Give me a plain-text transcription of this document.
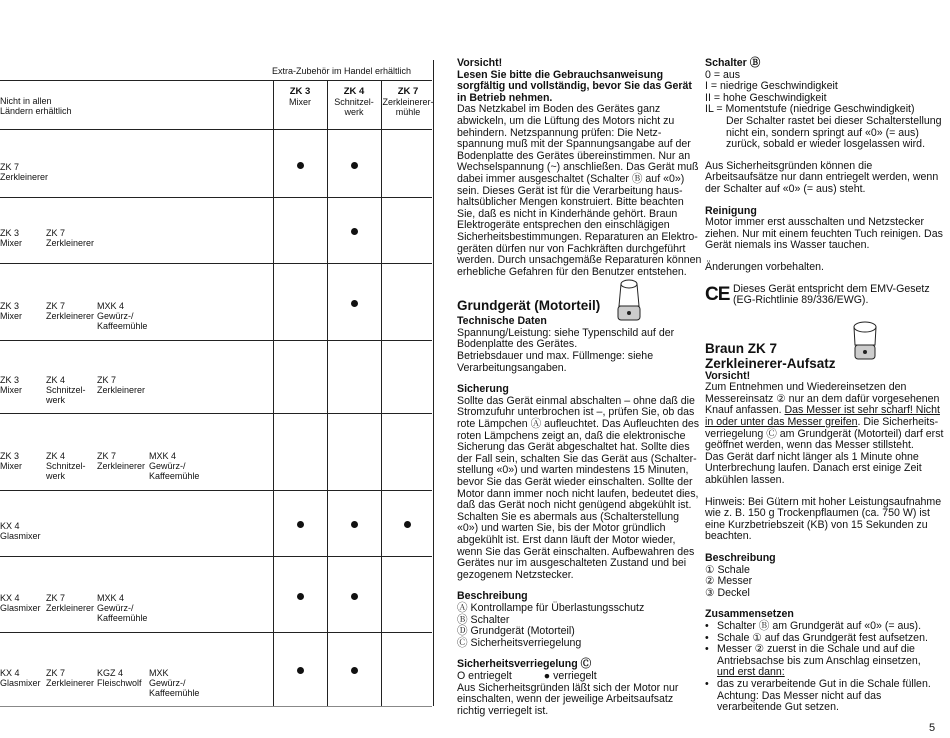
Extra-Zubehör im Handel erhältlich
Nicht in allen
Ländern erhältlich
ZK 3
Mixer
ZK 4
Schnitzel-
werk
ZK 7
Zerkleinerer-
mühle
ZK 7
Zerkleinerer
ZK 3
Mixer
ZK 7
Zerkleinerer
ZK 3
Mixer
ZK 7
Zerkleinerer
MXK 4
Gewürz-/
Kaffeemühle
ZK 3
Mixer
ZK 4
Schnitzel-
werk
ZK 7
Zerkleinerer
ZK 3
Mixer
ZK 4
Schnitzel-
werk
ZK 7
Zerkleinerer
MXK 4
Gewürz-/
Kaffeemühle
KX 4
Glasmixer
KX 4
Glasmixer
ZK 7
Zerkleinerer
MXK 4
Gewürz-/
Kaffeemühle
KX 4
Glasmixer
ZK 7
Zerkleinerer
KGZ 4
Fleischwolf
MXK
Gewürz-/
Kaffeemühle
Vorsicht!
Lesen Sie bitte die Gebrauchsanweisung
sorgfältig und vollständig, bevor Sie das Gerät
in Betrieb nehmen.

Das Netzkabel im Boden des Gerätes ganz

abwickeln, um die Lüftung des Motors nicht zu

behindern. Netzspannung prüfen: Die Netz-

spannung muß mit der Spannungsangabe auf der

Bodenplatte des Gerätes übereinstimmen. Nur an

Wechselspannung (~) anschließen. Das Gerät muß

dabei immer ausgeschaltet (Schalter Ⓑ auf «0»)

sein. Dieses Gerät ist für die Verarbeitung haus-

haltsüblicher Mengen konstruiert. Bitte beachten

Sie, daß es nicht in Kinderhände gehört. Braun

Elektrogeräte entsprechen den einschlägigen

Sicherheitsbestimmungen. Reparaturen an Elektro-

geräten dürfen nur von Fachkräften durchgeführt

werden. Durch unsachgemäße Reparaturen können

erhebliche Gefahren für den Benutzer entstehen.

Grundgerät (Motorteil)
Technische Daten

Spannung/Leistung: siehe Typenschild auf der

Bodenplatte des Gerätes.

Betriebsdauer und max. Füllmenge: siehe

Verarbeitungsangaben.

Sicherung

Sollte das Gerät einmal abschalten – ohne daß die

Stromzufuhr unterbrochen ist –, prüfen Sie, ob das

rote Lämpchen Ⓐ aufleuchtet. Das Aufleuchten des

roten Lämpchens zeigt an, daß die elektronische

Sicherung das Gerät abgeschaltet hat. Sollte dies

der Fall sein, schalten Sie das Gerät aus (Schalter-

stellung «0») und warten mindestens 15 Minuten,

bevor Sie das Gerät wieder einschalten. Sollte der

Motor dann immer noch nicht laufen, bedeutet dies,

daß das Gerät noch nicht genügend abgekühlt ist.

Schalten Sie es abermals aus (Schalterstellung

«0») und warten Sie, bis der Motor gründlich

abgekühlt ist. Erst dann läuft der Motor wieder,

wenn Sie das Gerät einschalten. Aufbewahren des

Gerätes nur im ausgeschalteten Zustand und bei

gezogenem Netzstecker.

Beschreibung

Ⓐ Kontrollampe für Überlastungsschutz

Ⓑ Schalter

Ⓓ Grundgerät (Motorteil)

Ⓒ Sicherheitsverriegelung

Sicherheitsverriegelung Ⓒ

O entriegelt	● verriegelt

Aus Sicherheitsgründen läßt sich der Motor nur

einschalten, wenn der jeweilige Arbeitsaufsatz

richtig verriegelt ist.

Schalter Ⓑ

0 = aus

I = niedrige Geschwindigkeit

II = hohe Geschwindigkeit

IL = Momentstufe (niedrige Geschwindigkeit)

Der Schalter rastet bei dieser Schalterstellung

nicht ein, sondern springt auf «0» (= aus)

zurück, sobald er wieder losgelassen wird.

Aus Sicherheitsgründen können die

Arbeitsaufsätze nur dann entriegelt werden, wenn

der Schalter auf «0» (= aus) steht.

Reinigung

Motor immer erst ausschalten und Netzstecker

ziehen. Nur mit einem feuchten Tuch reinigen. Das

Gerät niemals ins Wasser tauchen.

Änderungen vorbehalten.

CE Dieses Gerät entspricht dem EMV-Gesetz

(EG-Richtlinie 89/336/EWG).

Braun ZK 7
Zerkleinerer-Aufsatz
Vorsicht!

Zum Entnehmen und Wiedereinsetzen den

Messereinsatz ② nur an dem dafür vorgesehenen

Knauf anfassen. Das Messer ist sehr scharf! Nicht

in oder unter das Messer greifen. Die Sicherheits-

verriegelung Ⓒ am Grundgerät (Motorteil) darf erst

geöffnet werden, wenn das Messer stillsteht.

Das Gerät darf nicht länger als 1 Minute ohne

Unterbrechung laufen. Danach erst einige Zeit

abkühlen lassen.

Hinweis: Bei Gütern mit hoher Leistungsaufnahme

wie z. B. 150 g Trockenpflaumen (ca. 750 W) ist

eine Kurzbetriebszeit (KB) von 15 Sekunden zu

beachten.

Beschreibung

① Schale

② Messer

③ Deckel

Zusammensetzen
• Schalter Ⓑ am Grundgerät auf «0» (= aus).

• Schale ① auf das Grundgerät fest aufsetzen.

• Messer ② zuerst in die Schale und auf die

Antriebsachse bis zum Anschlag einsetzen,

und erst dann:

• das zu verarbeitende Gut in die Schale füllen.

Achtung: Das Messer nicht auf das

verarbeitende Gut setzen.

5
